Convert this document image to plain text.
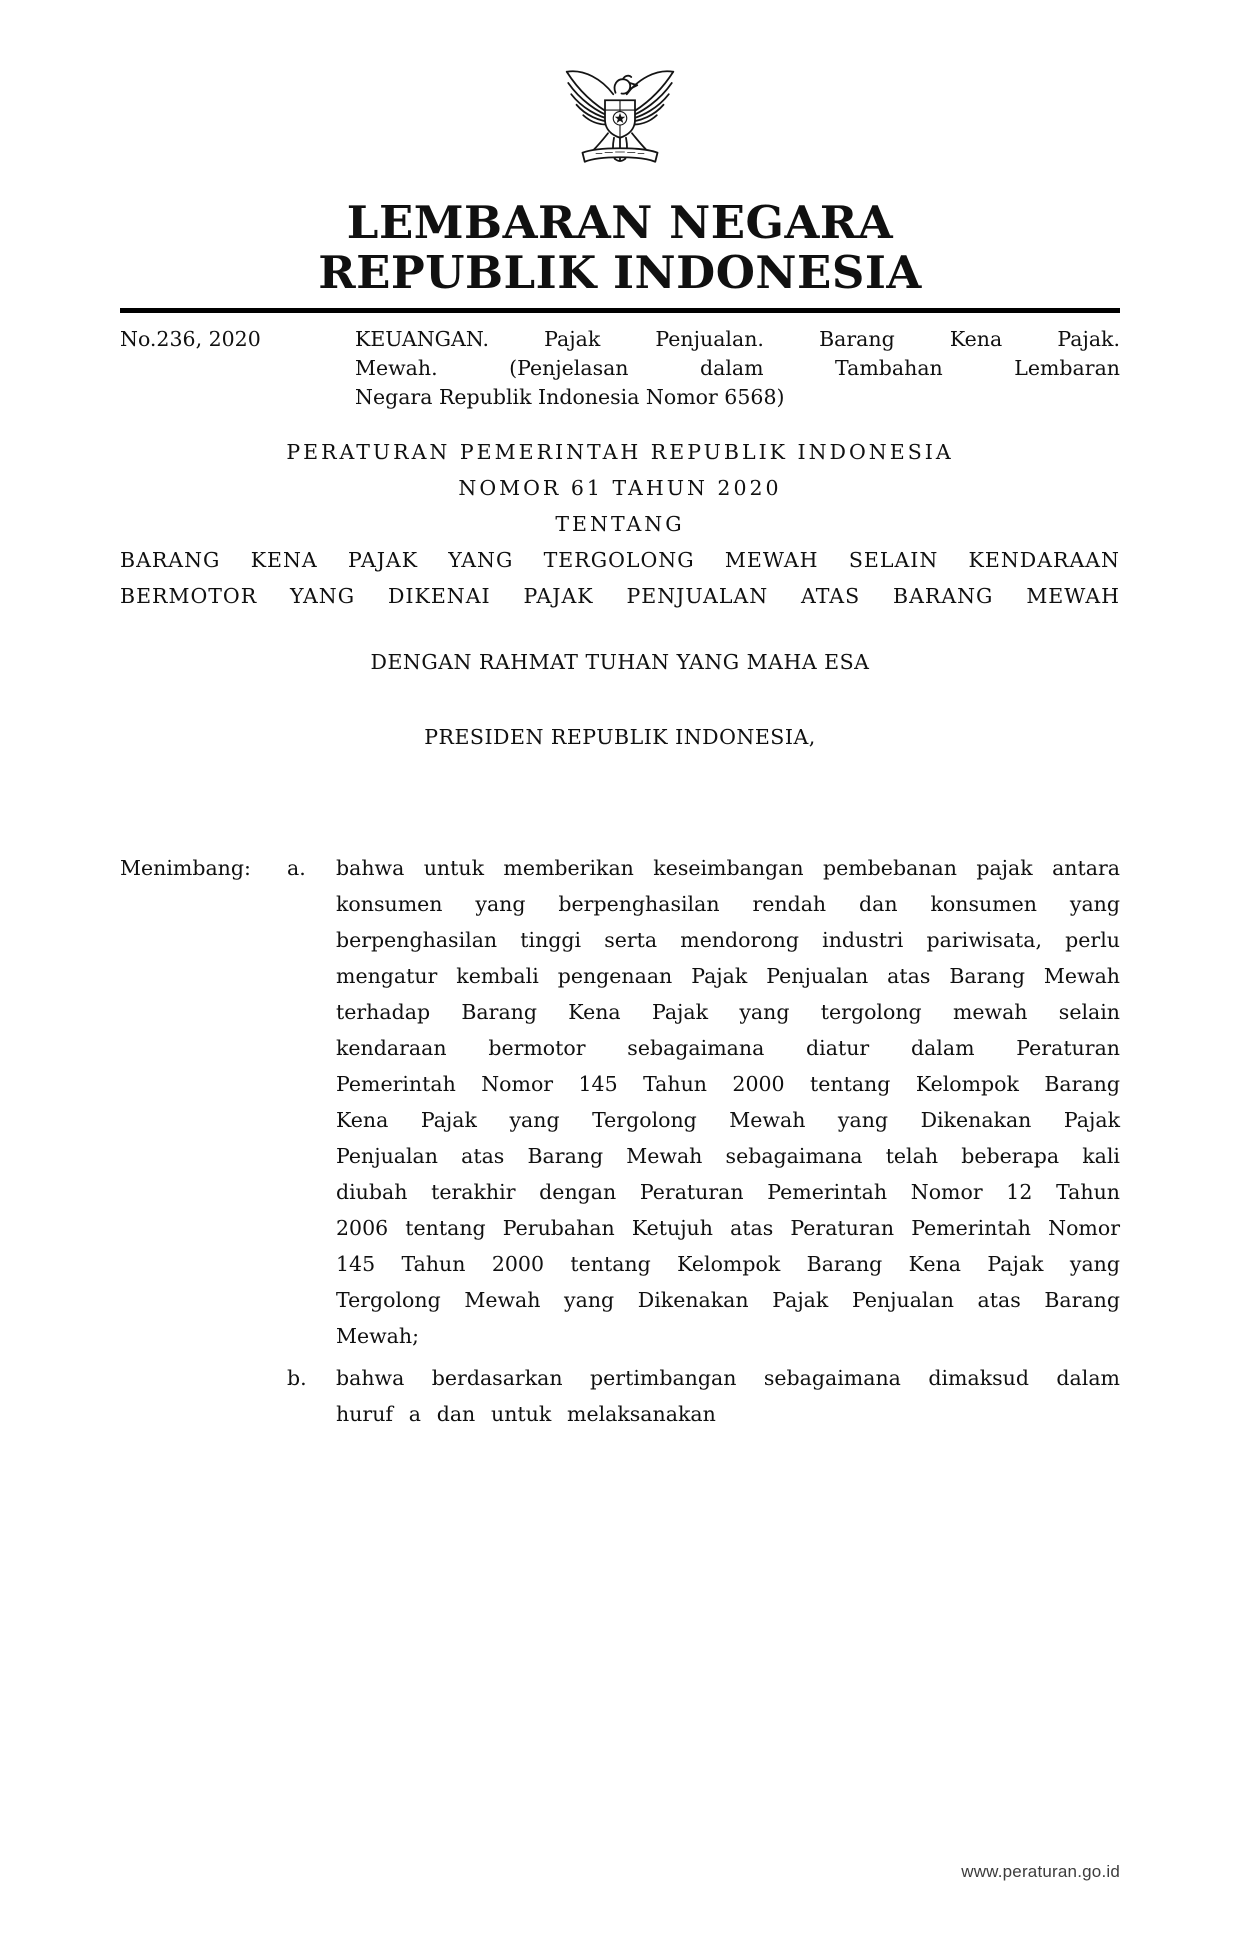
LEMBARAN NEGARA
REPUBLIK INDONESIA
No.236, 2020	KEUANGAN. Pajak Penjualan. Barang Kena Pajak.
Mewah. (Penjelasan dalam Tambahan Lembaran
Negara Republik Indonesia Nomor 6568)
PERATURAN PEMERINTAH REPUBLIK INDONESIA
NOMOR 61 TAHUN 2020
TENTANG
BARANG KENA PAJAK YANG TERGOLONG MEWAH SELAIN KENDARAAN
BERMOTOR YANG DIKENAI PAJAK PENJUALAN ATAS BARANG MEWAH
DENGAN RAHMAT TUHAN YANG MAHA ESA
PRESIDEN REPUBLIK INDONESIA,
Menimbang :	a.	bahwa untuk memberikan keseimbangan pembebanan pajak antara konsumen yang berpenghasilan rendah dan konsumen yang berpenghasilan tinggi serta mendorong industri pariwisata, perlu mengatur kembali pengenaan Pajak Penjualan atas Barang Mewah terhadap Barang Kena Pajak yang tergolong mewah selain kendaraan bermotor sebagaimana diatur dalam Peraturan Pemerintah Nomor 145 Tahun 2000 tentang Kelompok Barang Kena Pajak yang Tergolong Mewah yang Dikenakan Pajak Penjualan atas Barang Mewah sebagaimana telah beberapa kali diubah terakhir dengan Peraturan Pemerintah Nomor 12 Tahun 2006 tentang Perubahan Ketujuh atas Peraturan Pemerintah Nomor 145 Tahun 2000 tentang Kelompok Barang Kena Pajak yang Tergolong Mewah yang Dikenakan Pajak Penjualan atas Barang Mewah;
b.	bahwa berdasarkan pertimbangan sebagaimana dimaksud dalam huruf a dan untuk melaksanakan
www.peraturan.go.id
